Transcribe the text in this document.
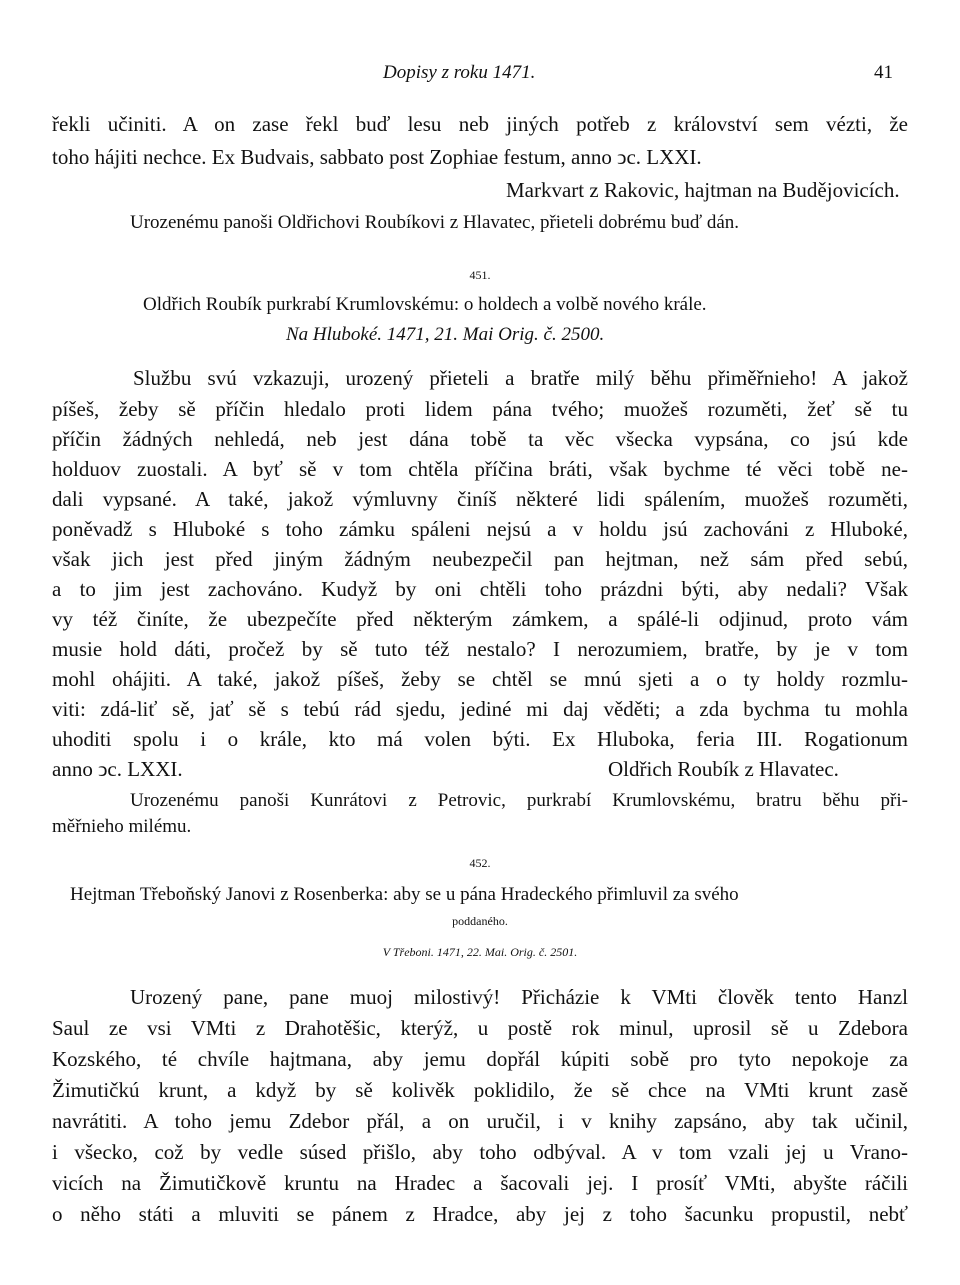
Dopisy z roku 1471.	41
řekli učiniti. A on zase řekl buď lesu neb jiných potřeb z království sem vézti, že
toho hájiti nechce. Ex Budvais, sabbato post Zophiae festum, anno ↄc. LXXI.
Markvart z Rakovic, hajtman na Budějovicích.
Urozenému panoši Oldřichovi Roubíkovi z Hlavatec, přieteli dobrému buď dán.
451.
Oldřich Roubík purkrabí Krumlovskému: o holdech a volbě nového krále.
Na Hluboké. 1471, 21. Mai Orig. č. 2500.
Službu svú vzkazuji, urozený přieteli a bratře milý běhu přiměřnieho! A jakož
píšeš, žeby sě příčin hledalo proti lidem pána tvého; muožeš rozuměti, žeť sě tu
příčin žádných nehledá, neb jest dána tobě ta věc všecka vypsána, co jsú kde
holduov zuostali. A byť sě v tom chtěla příčina bráti, však bychme té věci tobě ne-
dali vypsané. A také, jakož výmluvny činíš některé lidi spálením, muožeš rozuměti,
poněvadž s Hluboké s toho zámku spáleni nejsú a v holdu jsú zachováni z Hluboké,
však jich jest před jiným žádným neubezpečil pan hejtman, než sám před sebú,
a to jim jest zachováno. Kudyž by oni chtěli toho prázdni býti, aby nedali? Však
vy též činíte, že ubezpečíte před některým zámkem, a spálé-li odjinud, proto vám
musie hold dáti, pročež by sě tuto též nestalo? I nerozumiem, bratře, by je v tom
mohl ohájiti. A také, jakož píšeš, žeby se chtěl se mnú sjeti a o ty holdy rozmlu-
viti: zdá-liť sě, jať sě s tebú rád sjedu, jediné mi daj věděti; a zda bychma tu mohla
uhoditi spolu i o krále, kto má volen býti. Ex Hluboka, feria III. Rogationum
anno ↄc. LXXI.	Oldřich Roubík z Hlavatec.
Urozenému panoši Kunrátovi z Petrovic, purkrabí Krumlovskému, bratru běhu při-
měřnieho milému.
452.
Hejtman Třeboňský Janovi z Rosenberka: aby se u pána Hradeckého přimluvil za svého
poddaného.
V Třeboni. 1471, 22. Mai. Orig. č. 2501.
Urozený pane, pane muoj milostivý! Přicházie k VMti člověk tento Hanzl
Saul ze vsi VMti z Drahotěšic, kterýž, u postě rok minul, uprosil sě u Zdebora
Kozského, té chvíle hajtmana, aby jemu dopřál kúpiti sobě pro tyto nepokoje za
Žimutičkú krunt, a když by sě kolivěk poklidilo, že sě chce na VMti krunt zasě
navrátiti. A toho jemu Zdebor přál, a on uručil, i v knihy zapsáno, aby tak učinil,
i všecko, což by vedle súsed přišlo, aby toho odbýval. A v tom vzali jej u Vrano-
vicích na Žimutičkově kruntu na Hradec a šacovali jej. I prosíť VMti, abyšte ráčili
o něho státi a mluviti se pánem z Hradce, aby jej z toho šacunku propustil, nebť
